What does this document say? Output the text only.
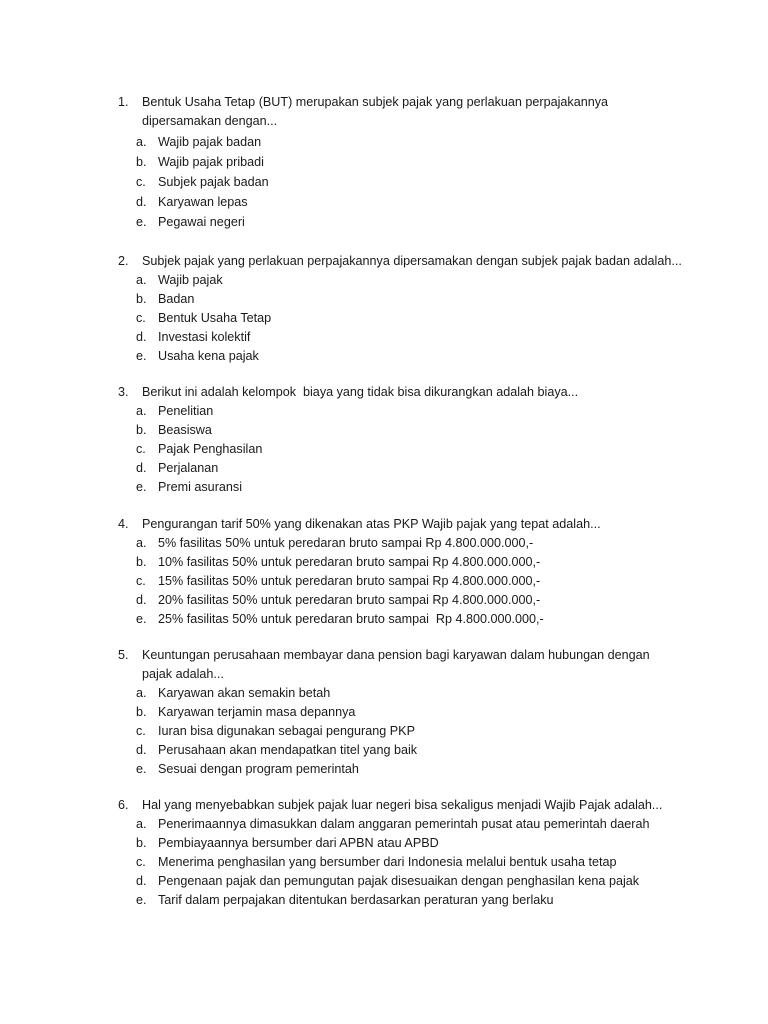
1. Bentuk Usaha Tetap (BUT) merupakan subjek pajak yang perlakuan perpajakannya dipersamakan dengan...
a. Wajib pajak badan
b. Wajib pajak pribadi
c. Subjek pajak badan
d. Karyawan lepas
e. Pegawai negeri
2. Subjek pajak yang perlakuan perpajakannya dipersamakan dengan subjek pajak badan adalah...
a. Wajib pajak
b. Badan
c. Bentuk Usaha Tetap
d. Investasi kolektif
e. Usaha kena pajak
3. Berikut ini adalah kelompok  biaya yang tidak bisa dikurangkan adalah biaya...
a. Penelitian
b. Beasiswa
c. Pajak Penghasilan
d. Perjalanan
e. Premi asuransi
4. Pengurangan tarif 50% yang dikenakan atas PKP Wajib pajak yang tepat adalah...
a. 5% fasilitas 50% untuk peredaran bruto sampai Rp 4.800.000.000,-
b. 10% fasilitas 50% untuk peredaran bruto sampai Rp 4.800.000.000,-
c. 15% fasilitas 50% untuk peredaran bruto sampai Rp 4.800.000.000,-
d. 20% fasilitas 50% untuk peredaran bruto sampai Rp 4.800.000.000,-
e. 25% fasilitas 50% untuk peredaran bruto sampai  Rp 4.800.000.000,-
5. Keuntungan perusahaan membayar dana pension bagi karyawan dalam hubungan dengan pajak adalah...
a. Karyawan akan semakin betah
b. Karyawan terjamin masa depannya
c. Iuran bisa digunakan sebagai pengurang PKP
d. Perusahaan akan mendapatkan titel yang baik
e. Sesuai dengan program pemerintah
6. Hal yang menyebabkan subjek pajak luar negeri bisa sekaligus menjadi Wajib Pajak adalah...
a. Penerimaannya dimasukkan dalam anggaran pemerintah pusat atau pemerintah daerah
b. Pembiayaannya bersumber dari APBN atau APBD
c. Menerima penghasilan yang bersumber dari Indonesia melalui bentuk usaha tetap
d. Pengenaan pajak dan pemungutan pajak disesuaikan dengan penghasilan kena pajak
e. Tarif dalam perpajakan ditentukan berdasarkan peraturan yang berlaku
